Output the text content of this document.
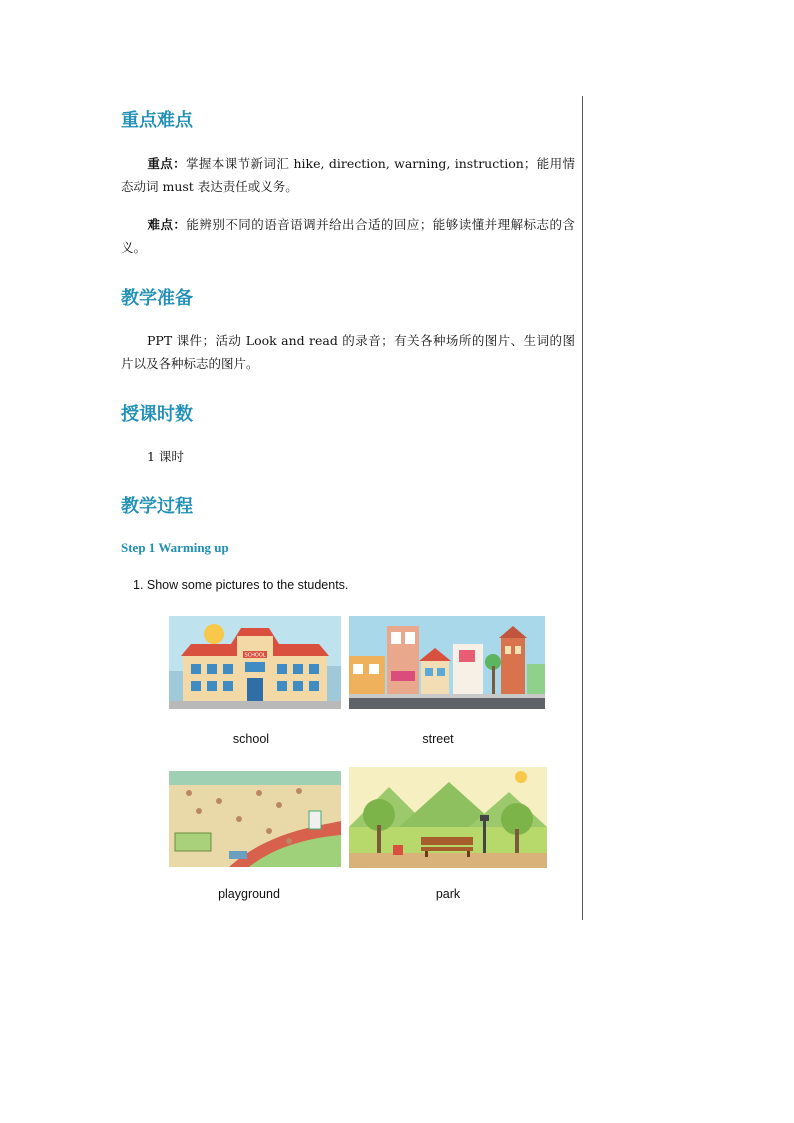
重点难点

重点：掌握本课节新词汇 hike, direction, warning, instruction；能用情态动词 must 表达责任或义务。

难点：能辨别不同的语音语调并给出合适的回应；能够读懂并理解标志的含义。

教学准备

PPT 课件；活动 Look and read 的录音；有关各种场所的图片、生词的图片以及各种标志的图片。

授课时数

1 课时

教学过程
Step 1 Warming up
1. Show some pictures to the students.
SCHOOL
school	street
playground	park
